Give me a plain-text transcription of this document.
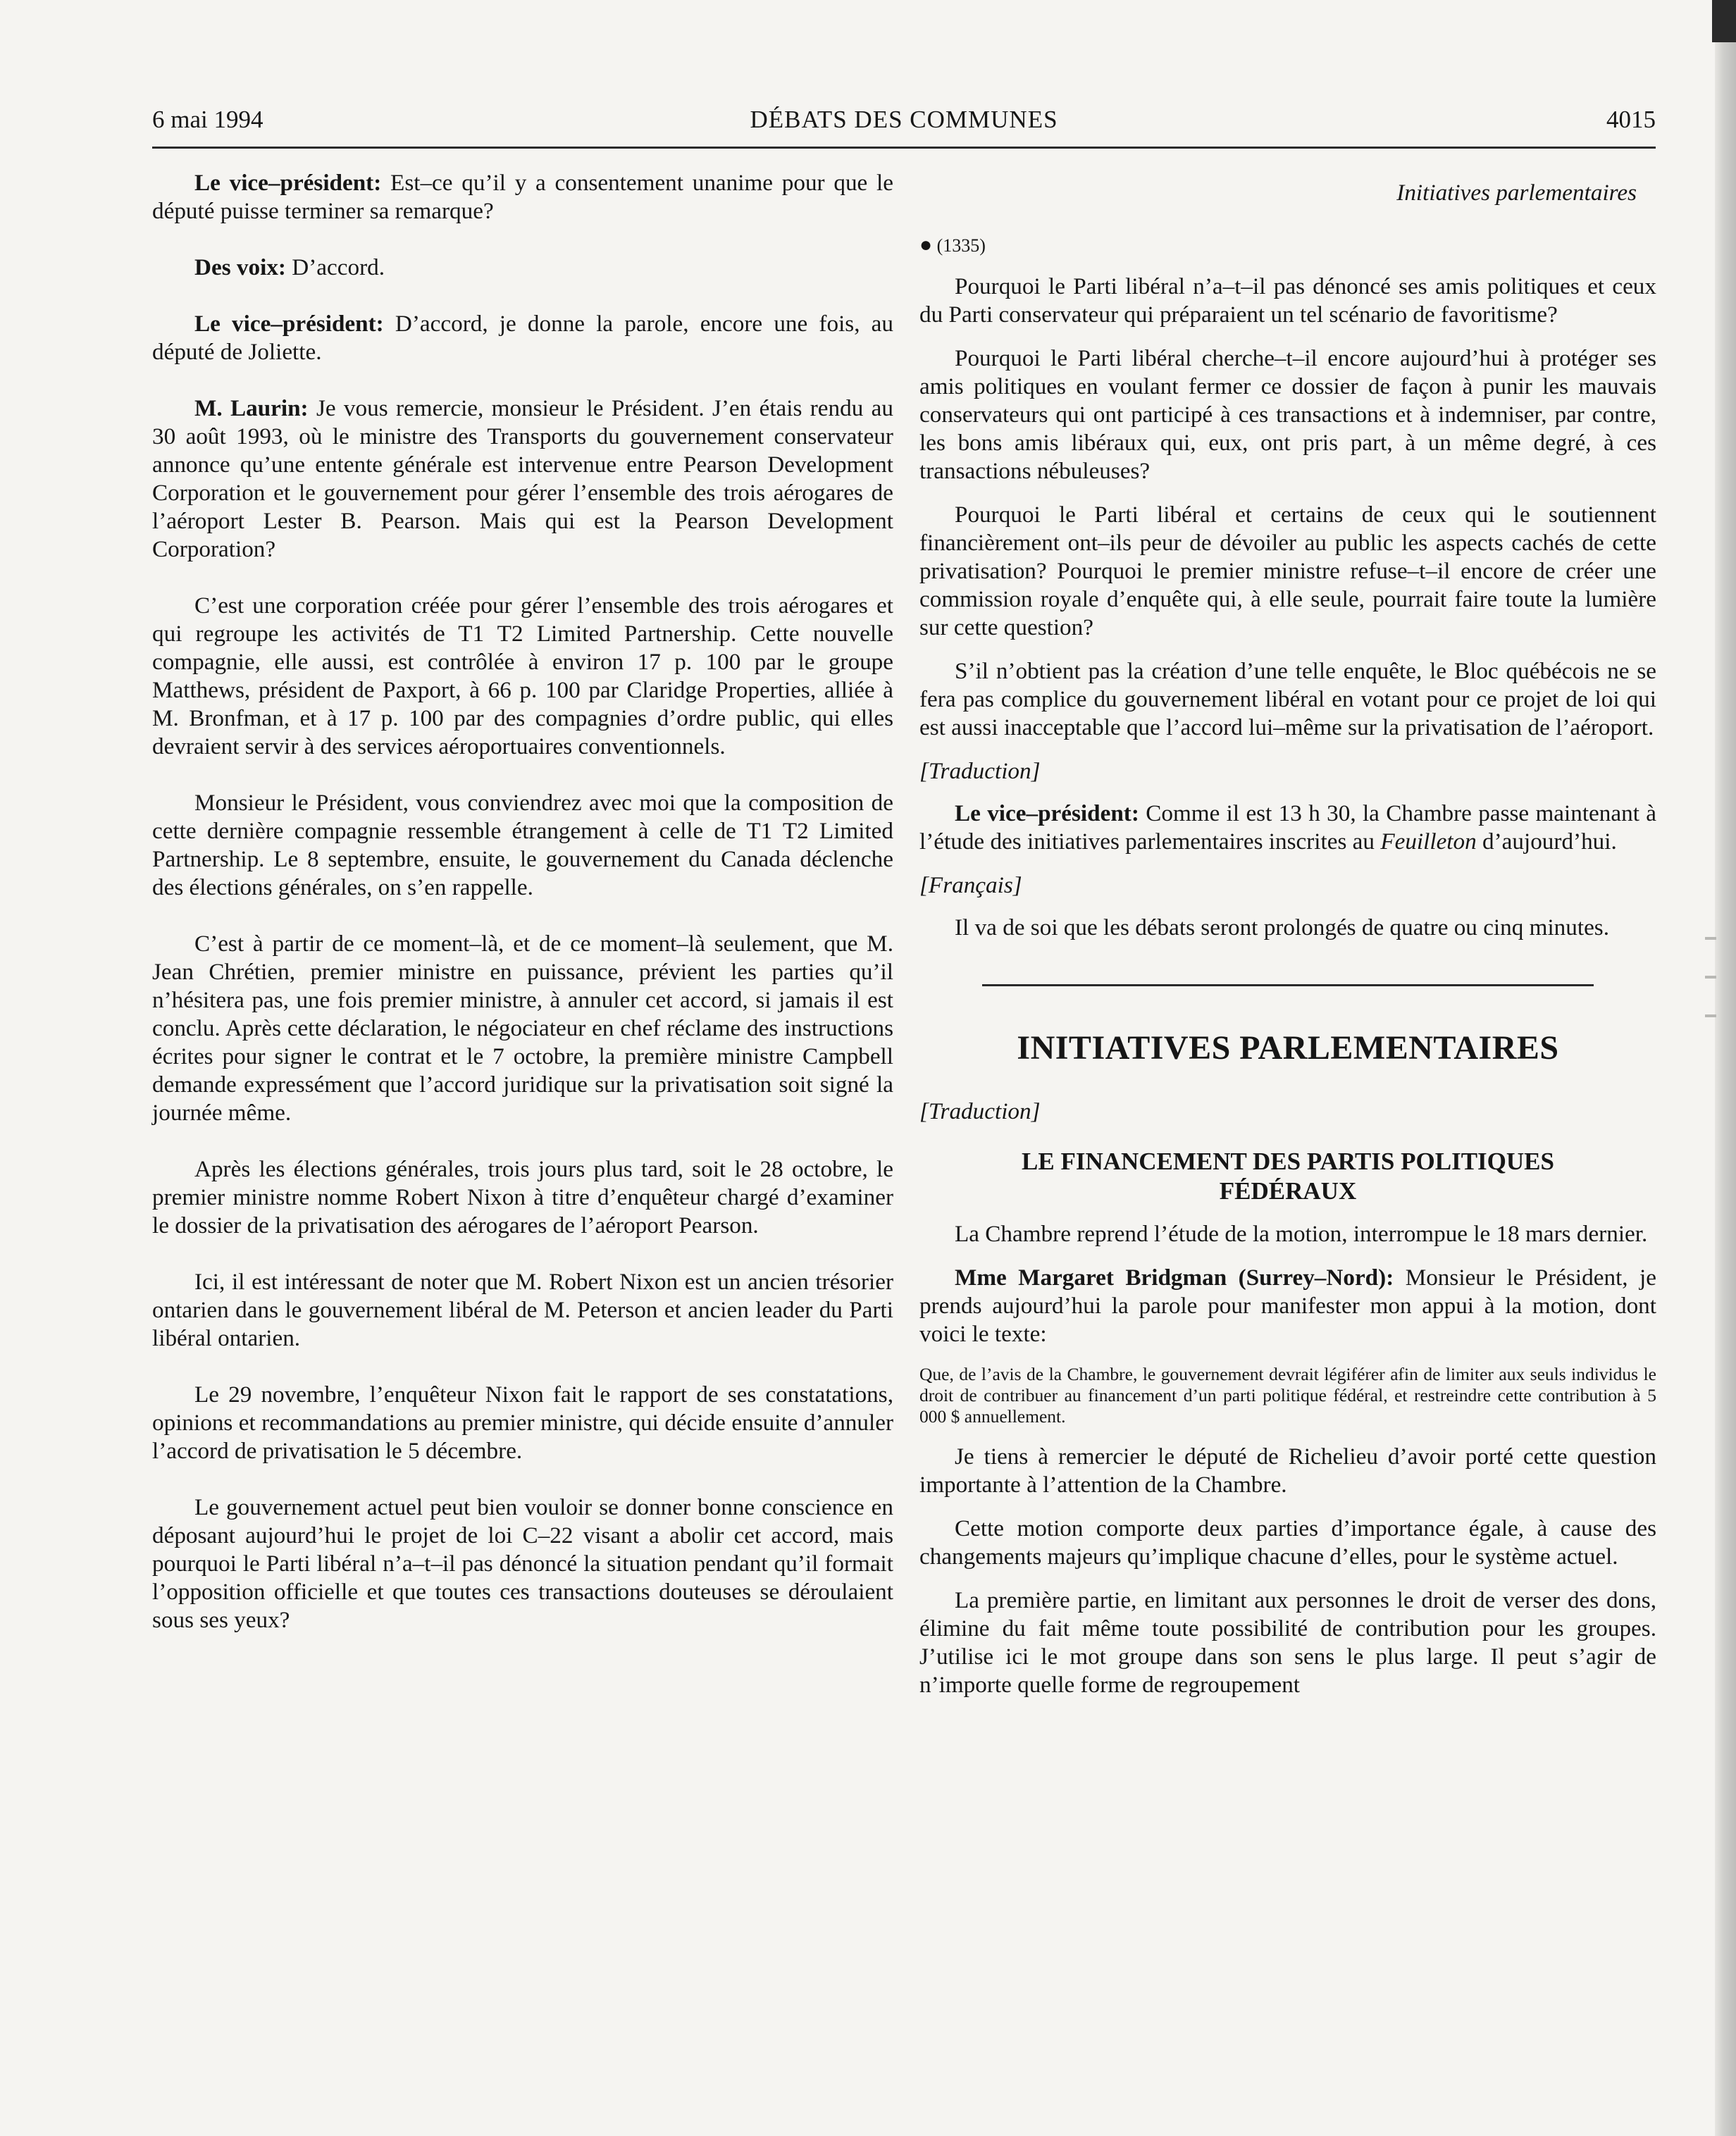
6 mai 1994	DÉBATS DES COMMUNES	4015

Le vice–président: Est–ce qu’il y a consentement unanime pour que le député puisse terminer sa remarque?

Des voix: D’accord.

Le vice–président: D’accord, je donne la parole, encore une fois, au député de Joliette.

M. Laurin: Je vous remercie, monsieur le Président. J’en étais rendu au 30 août 1993, où le ministre des Transports du gouvernement conservateur annonce qu’une entente générale est intervenue entre Pearson Development Corporation et le gouvernement pour gérer l’ensemble des trois aérogares de l’aéroport Lester B. Pearson. Mais qui est la Pearson Development Corporation?

C’est une corporation créée pour gérer l’ensemble des trois aérogares et qui regroupe les activités de T1 T2 Limited Partnership. Cette nouvelle compagnie, elle aussi, est contrôlée à environ 17 p. 100 par le groupe Matthews, président de Paxport, à 66 p. 100 par Claridge Properties, alliée à M. Bronfman, et à 17 p. 100 par des compagnies d’ordre public, qui elles devraient servir à des services aéroportuaires conventionnels.

Monsieur le Président, vous conviendrez avec moi que la composition de cette dernière compagnie ressemble étrangement à celle de T1 T2 Limited Partnership. Le 8 septembre, ensuite, le gouvernement du Canada déclenche des élections générales, on s’en rappelle.

C’est à partir de ce moment–là, et de ce moment–là seulement, que M. Jean Chrétien, premier ministre en puissance, prévient les parties qu’il n’hésitera pas, une fois premier ministre, à annuler cet accord, si jamais il est conclu. Après cette déclaration, le négociateur en chef réclame des instructions écrites pour signer le contrat et le 7 octobre, la première ministre Campbell demande expressément que l’accord juridique sur la privatisation soit signé la journée même.

Après les élections générales, trois jours plus tard, soit le 28 octobre, le premier ministre nomme Robert Nixon à titre d’enquêteur chargé d’examiner le dossier de la privatisation des aérogares de l’aéroport Pearson.

Ici, il est intéressant de noter que M. Robert Nixon est un ancien trésorier ontarien dans le gouvernement libéral de M. Peterson et ancien leader du Parti libéral ontarien.

Le 29 novembre, l’enquêteur Nixon fait le rapport de ses constatations, opinions et recommandations au premier ministre, qui décide ensuite d’annuler l’accord de privatisation le 5 décembre.

Le gouvernement actuel peut bien vouloir se donner bonne conscience en déposant aujourd’hui le projet de loi C–22 visant a abolir cet accord, mais pourquoi le Parti libéral n’a–t–il pas dénoncé la situation pendant qu’il formait l’opposition officielle et que toutes ces transactions douteuses se déroulaient sous ses yeux?

Initiatives parlementaires

● (1335)

Pourquoi le Parti libéral n’a–t–il pas dénoncé ses amis politiques et ceux du Parti conservateur qui préparaient un tel scénario de favoritisme?

Pourquoi le Parti libéral cherche–t–il encore aujourd’hui à protéger ses amis politiques en voulant fermer ce dossier de façon à punir les mauvais conservateurs qui ont participé à ces transactions et à indemniser, par contre, les bons amis libéraux qui, eux, ont pris part, à un même degré, à ces transactions nébuleuses?

Pourquoi le Parti libéral et certains de ceux qui le soutiennent financièrement ont–ils peur de dévoiler au public les aspects cachés de cette privatisation? Pourquoi le premier ministre refuse–t–il encore de créer une commission royale d’enquête qui, à elle seule, pourrait faire toute la lumière sur cette question?

S’il n’obtient pas la création d’une telle enquête, le Bloc québécois ne se fera pas complice du gouvernement libéral en votant pour ce projet de loi qui est aussi inacceptable que l’accord lui–même sur la privatisation de l’aéroport.

[Traduction]

Le vice–président: Comme il est 13 h 30, la Chambre passe maintenant à l’étude des initiatives parlementaires inscrites au Feuilleton d’aujourd’hui.

[Français]

Il va de soi que les débats seront prolongés de quatre ou cinq minutes.

INITIATIVES PARLEMENTAIRES

[Traduction]

LE FINANCEMENT DES PARTIS POLITIQUES
FÉDÉRAUX

La Chambre reprend l’étude de la motion, interrompue le 18 mars dernier.

Mme Margaret Bridgman (Surrey–Nord): Monsieur le Président, je prends aujourd’hui la parole pour manifester mon appui à la motion, dont voici le texte:

Que, de l’avis de la Chambre, le gouvernement devrait légiférer afin de limiter aux seuls individus le droit de contribuer au financement d’un parti politique fédéral, et restreindre cette contribution à 5 000 $ annuellement.

Je tiens à remercier le député de Richelieu d’avoir porté cette question importante à l’attention de la Chambre.

Cette motion comporte deux parties d’importance égale, à cause des changements majeurs qu’implique chacune d’elles, pour le système actuel.

La première partie, en limitant aux personnes le droit de verser des dons, élimine du fait même toute possibilité de contribution pour les groupes. J’utilise ici le mot groupe dans son sens le plus large. Il peut s’agir de n’importe quelle forme de regroupement
